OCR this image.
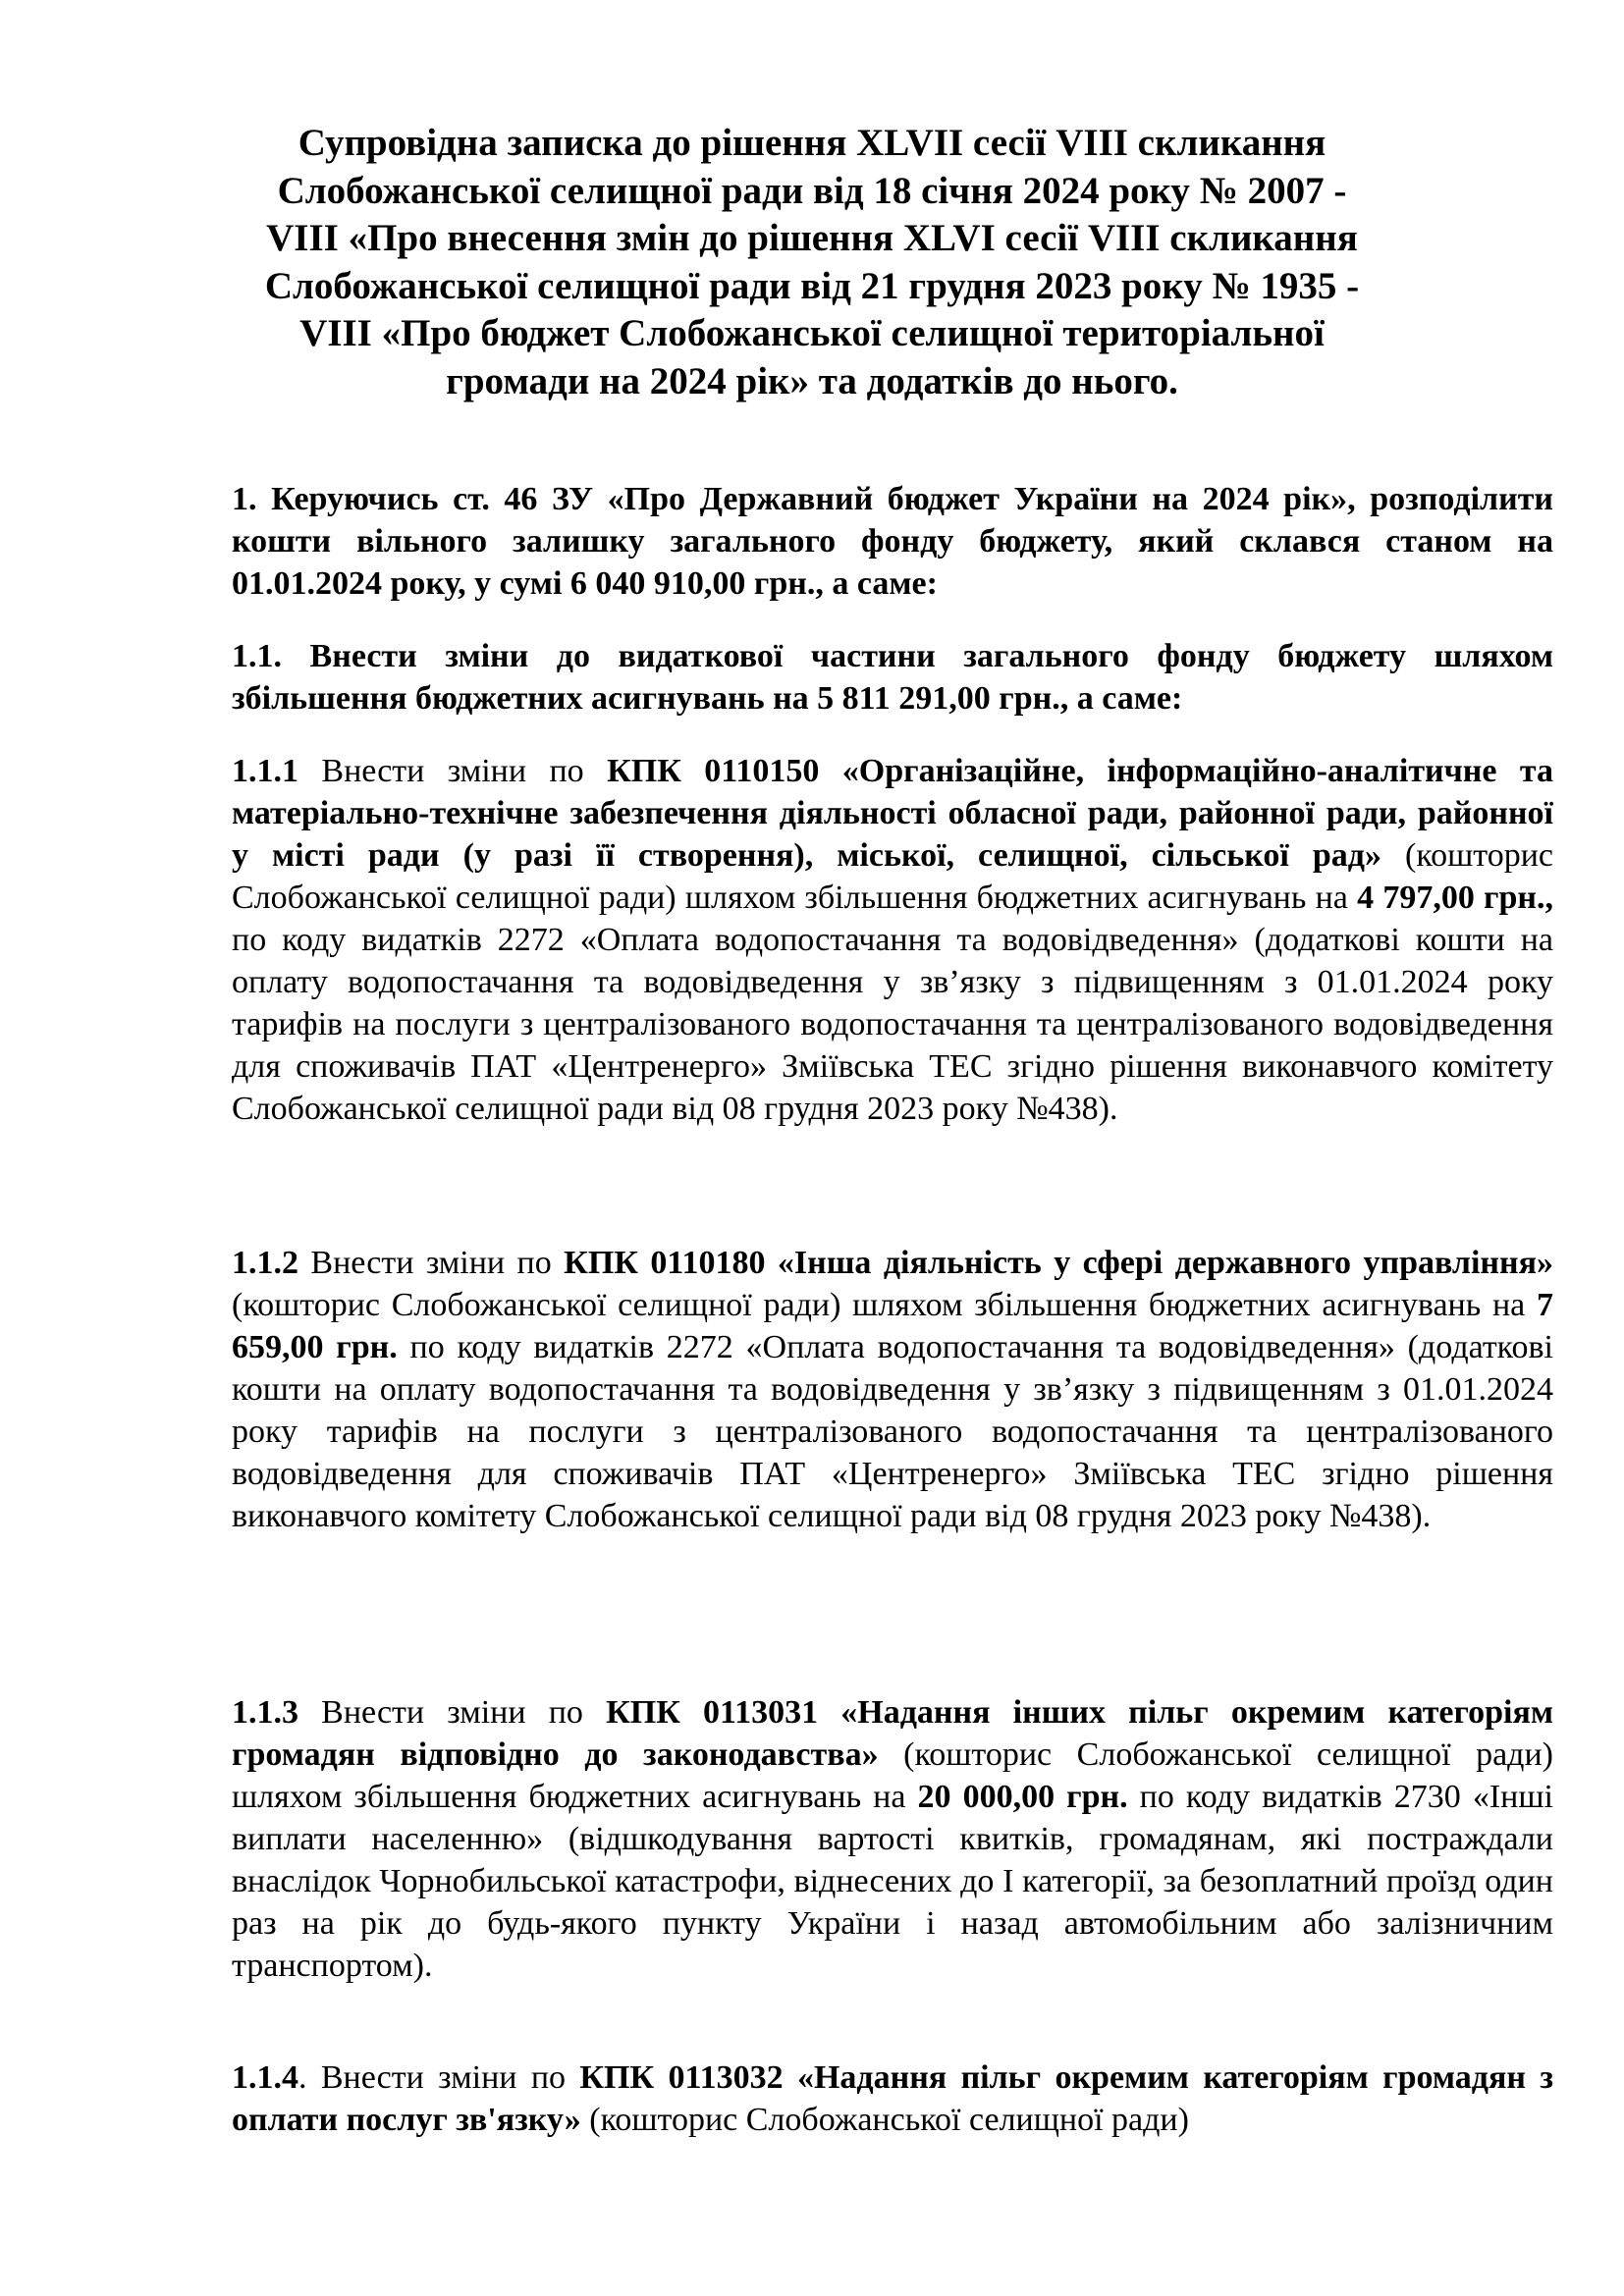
Супровідна записка до рішення XLVII сесії VIII скликання
Слобожанської селищної ради від 18 січня 2024 року № 2007 -
VIII «Про внесення змін до рішення XLVI сесії VIII скликання
Слобожанської селищної ради від 21 грудня 2023 року № 1935 -
VIII «Про бюджет Слобожанської селищної територіальної
громади на 2024 рік» та додатків до нього.

1. Керуючись ст. 46 ЗУ «Про Державний бюджет України на 2024 рік», розподілити кошти вільного залишку загального фонду бюджету, який склався станом на 01.01.2024 року, у сумі 6 040 910,00 грн., а саме:

1.1. Внести зміни до видаткової частини загального фонду бюджету шляхом збільшення бюджетних асигнувань на 5 811 291,00 грн., а саме:

1.1.1 Внести зміни по КПК 0110150 «Організаційне, інформаційно-аналітичне та матеріально-технічне забезпечення діяльності обласної ради, районної ради, районної у місті ради (у разі її створення), міської, селищної, сільської рад» (кошторис Слобожанської селищної ради) шляхом збільшення бюджетних асигнувань на 4 797,00 грн., по коду видатків 2272 «Оплата водопостачання та водовідведення» (додаткові кошти на оплату водопостачання та водовідведення у зв’язку з підвищенням з 01.01.2024 року тарифів на послуги з централізованого водопостачання та централізованого водовідведення для споживачів ПАТ «Центренерго» Зміївська ТЕС згідно рішення виконавчого комітету Слобожанської селищної ради від 08 грудня 2023 року №438).

1.1.2 Внести зміни по КПК 0110180 «Інша діяльність у сфері державного управління» (кошторис Слобожанської селищної ради) шляхом збільшення бюджетних асигнувань на 7 659,00 грн. по коду видатків 2272 «Оплата водопостачання та водовідведення» (додаткові кошти на оплату водопостачання та водовідведення у зв’язку з підвищенням з 01.01.2024 року тарифів на послуги з централізованого водопостачання та централізованого водовідведення для споживачів ПАТ «Центренерго» Зміївська ТЕС згідно рішення виконавчого комітету Слобожанської селищної ради від 08 грудня 2023 року №438).

1.1.3 Внести зміни по КПК 0113031 «Надання інших пільг окремим категоріям громадян відповідно до законодавства» (кошторис Слобожанської селищної ради) шляхом збільшення бюджетних асигнувань на 20 000,00 грн. по коду видатків 2730 «Інші виплати населенню» (відшкодування вартості квитків, громадянам, які постраждали внаслідок Чорнобильської катастрофи, віднесених до І категорії, за безоплатний проїзд один раз на рік до будь-якого пункту України і назад автомобільним або залізничним транспортом).

1.1.4. Внести зміни по КПК 0113032 «Надання пільг окремим категоріям громадян з оплати послуг зв'язку» (кошторис Слобожанської селищної ради)
